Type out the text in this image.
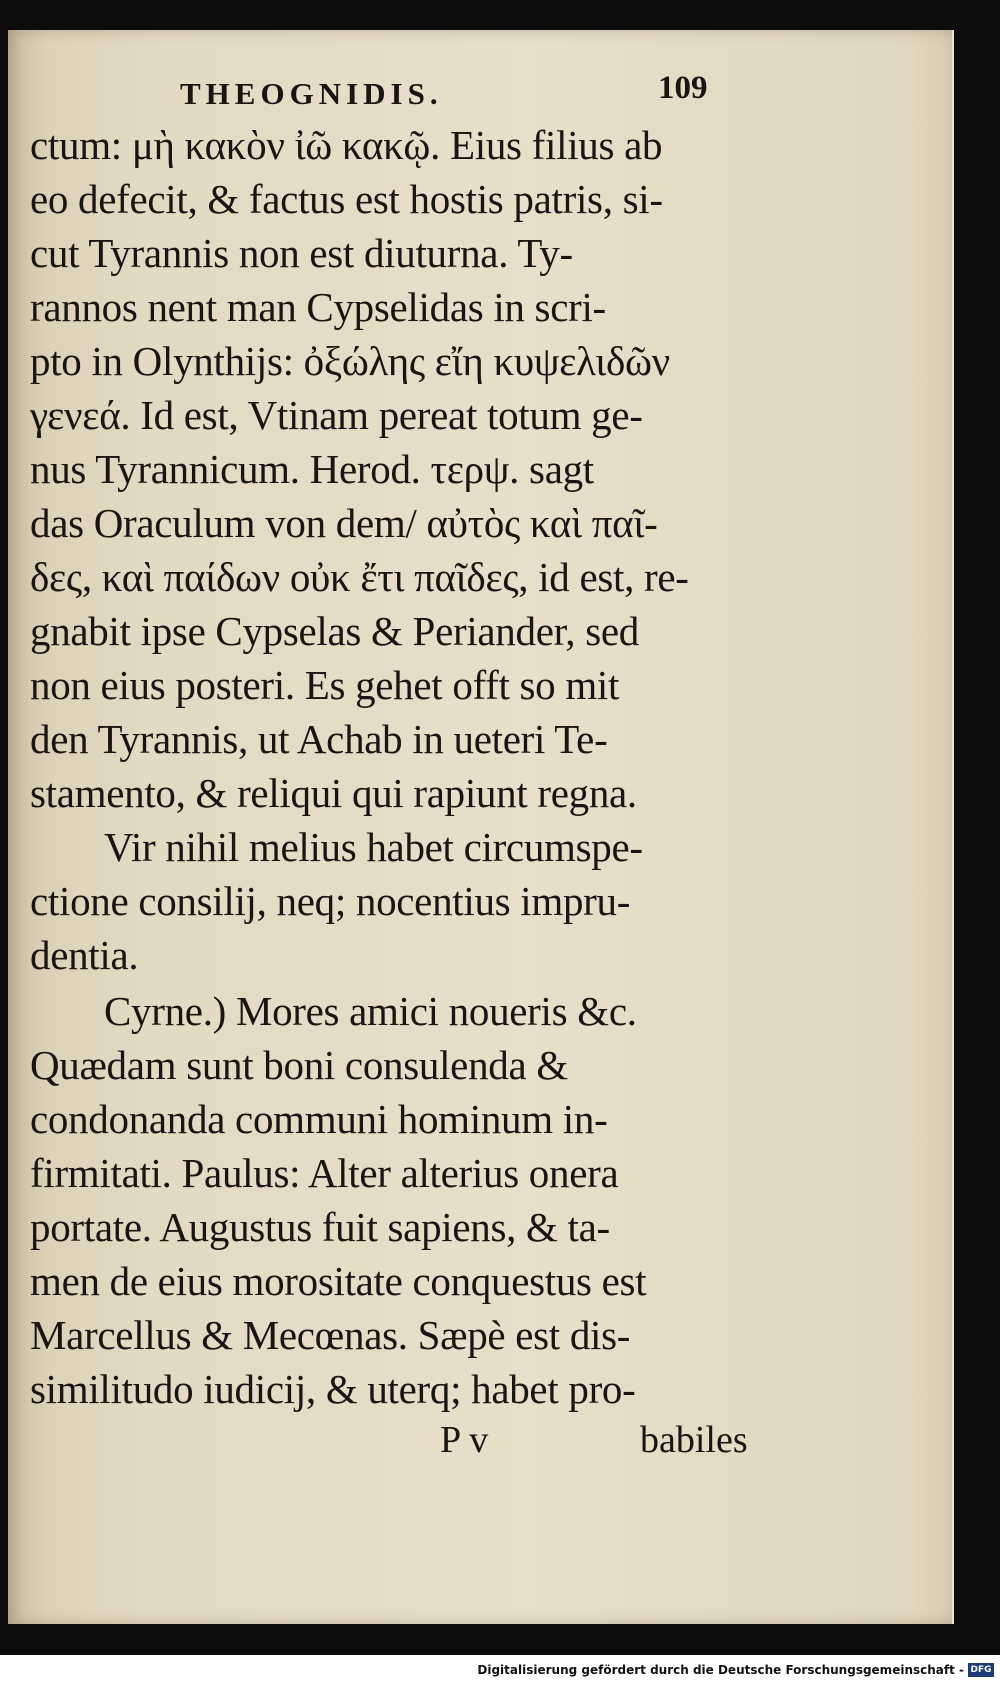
THEOGNIDIS.	109
ctum: μὴ κακὸν ἰῶ κακῷ. Eius filius ab
eo defecit, & factus est hostis patris, si-
cut Tyrannis non est diuturna. Ty-
rannos nent man Cypselidas in scri-
pto in Olynthijs: ὀξώλης εἴη κυψελιδῶν
γενεά. Id est, Vtinam pereat totum ge-
nus Tyrannicum. Herod. τερψ. sagt
das Oraculum von dem/ αὐτὸς καὶ παῖ-
δες, καὶ παίδων οὐκ ἔτι παῖδες, id est, re-
gnabit ipse Cypselas & Periander, sed
non eius posteri. Es gehet offt so mit
den Tyrannis, ut Achab in ueteri Te-
stamento, & reliqui qui rapiunt regna.
Vir nihil melius habet circumspe-
ctione consilij, neq; nocentius impru-
dentia.
Cyrne.) Mores amici noueris &c.
Quædam sunt boni consulenda &
condonanda communi hominum in-
firmitati. Paulus: Alter alterius onera
portate. Augustus fuit sapiens, & ta-
men de eius morositate conquestus est
Marcellus & Mecœnas. Sæpè est dis-
similitudo iudicij, & uterq; habet pro-
P v	babiles
Digitalisierung gefördert durch die Deutsche Forschungsgemeinschaft - DFG
